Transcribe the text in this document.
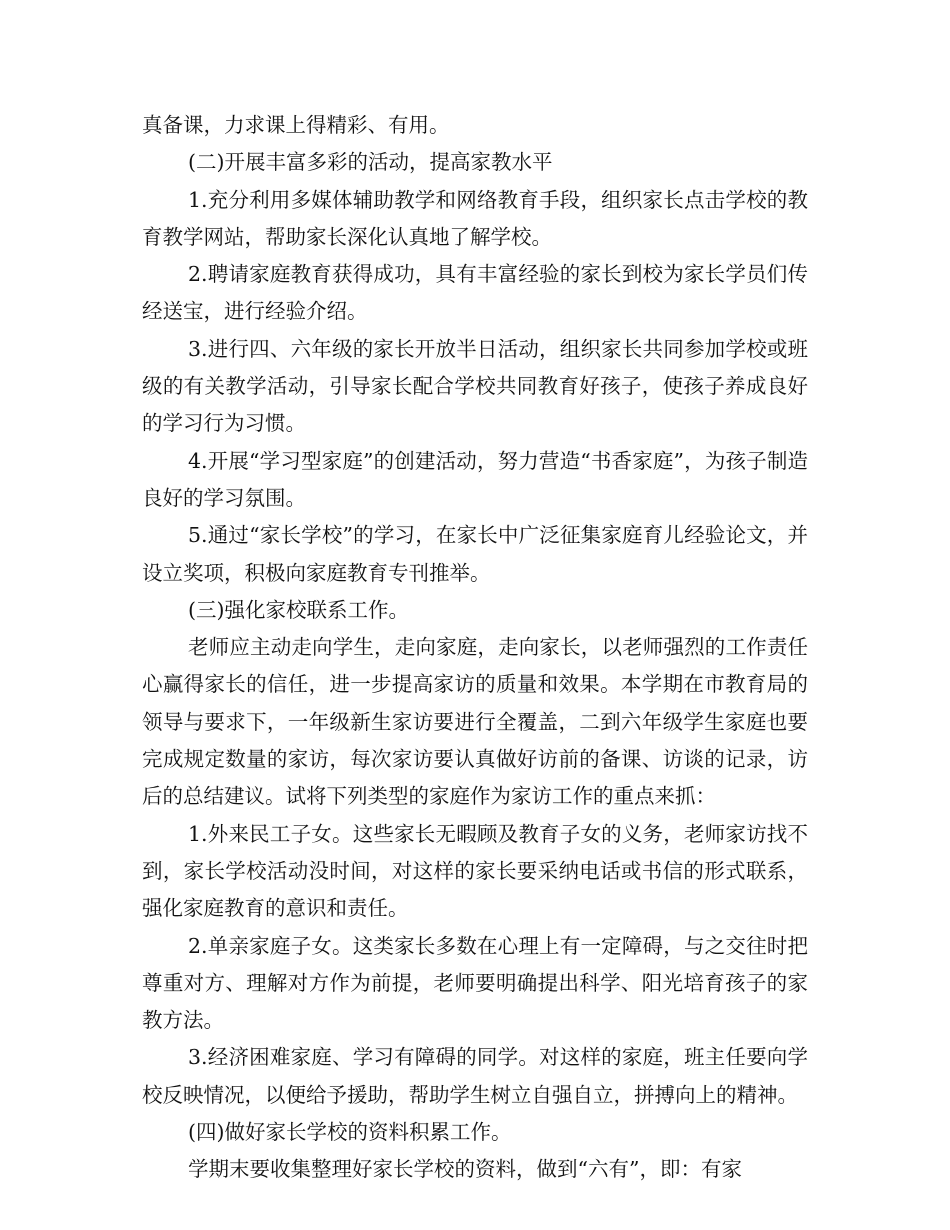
真备课，力求课上得精彩、有用。

(二)开展丰富多彩的活动，提高家教水平

1.充分利用多媒体辅助教学和网络教育手段，组织家长点击学校的教育教学网站，帮助家长深化认真地了解学校。

2.聘请家庭教育获得成功，具有丰富经验的家长到校为家长学员们传经送宝，进行经验介绍。

3.进行四、六年级的家长开放半日活动，组织家长共同参加学校或班级的有关教学活动，引导家长配合学校共同教育好孩子，使孩子养成良好的学习行为习惯。

4.开展“学习型家庭”的创建活动，努力营造“书香家庭”，为孩子制造良好的学习氛围。

5.通过“家长学校”的学习，在家长中广泛征集家庭育儿经验论文，并设立奖项，积极向家庭教育专刊推举。

(三)强化家校联系工作。

老师应主动走向学生，走向家庭，走向家长，以老师强烈的工作责任心赢得家长的信任，进一步提高家访的质量和效果。本学期在市教育局的领导与要求下，一年级新生家访要进行全覆盖，二到六年级学生家庭也要完成规定数量的家访，每次家访要认真做好访前的备课、访谈的记录，访后的总结建议。试将下列类型的家庭作为家访工作的重点来抓：

1.外来民工子女。这些家长无暇顾及教育子女的义务，老师家访找不到，家长学校活动没时间，对这样的家长要采纳电话或书信的形式联系，强化家庭教育的意识和责任。

2.单亲家庭子女。这类家长多数在心理上有一定障碍，与之交往时把尊重对方、理解对方作为前提，老师要明确提出科学、阳光培育孩子的家教方法。

3.经济困难家庭、学习有障碍的同学。对这样的家庭，班主任要向学校反映情况，以便给予援助，帮助学生树立自强自立，拼搏向上的精神。

(四)做好家长学校的资料积累工作。

学期末要收集整理好家长学校的资料，做到“六有”，即：有家
